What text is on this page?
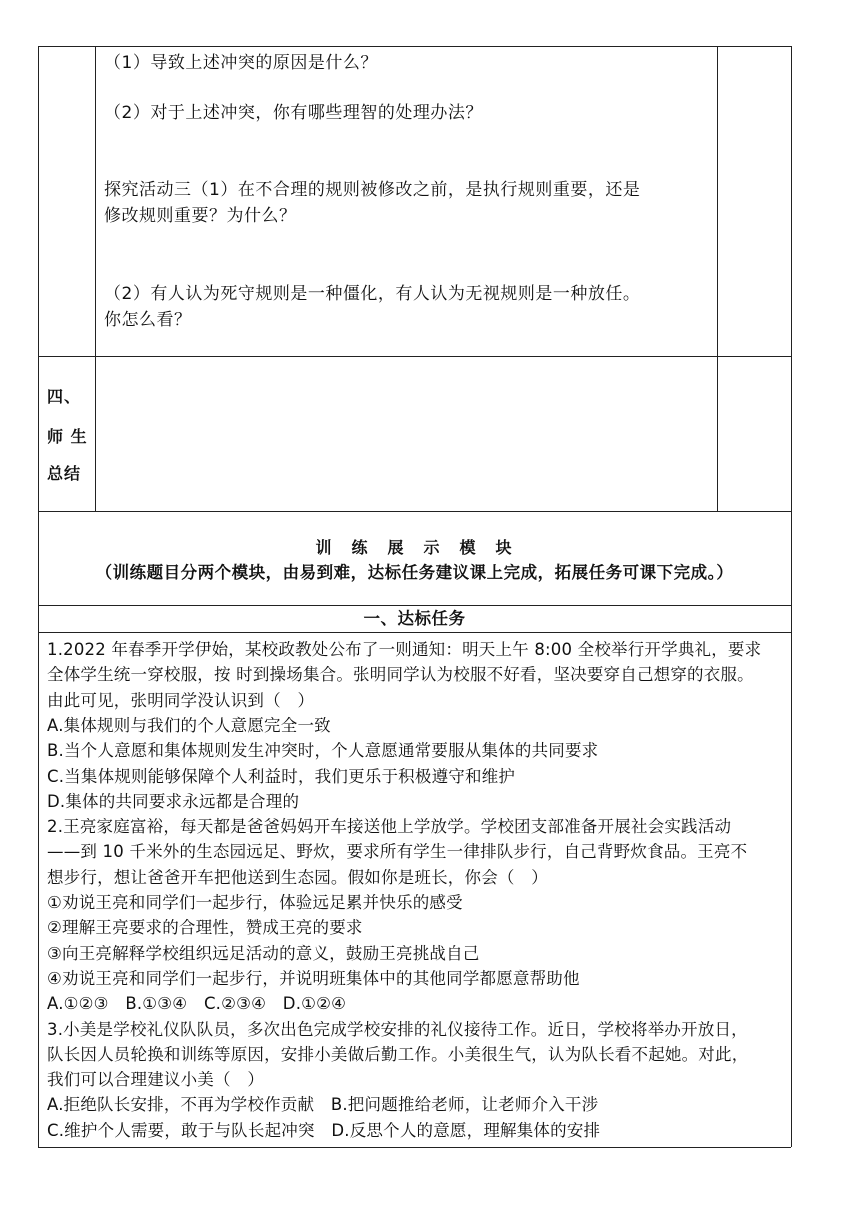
（1）导致上述冲突的原因是什么？
（2）对于上述冲突，你有哪些理智的处理办法？
探究活动三（1）在不合理的规则被修改之前，是执行规则重要，还是
修改规则重要？为什么？
（2）有人认为死守规则是一种僵化，有人认为无视规则是一种放任。
你怎么看？
四、
师 生
总结
训　练　展　示　模　块
（训练题目分两个模块，由易到难，达标任务建议课上完成，拓展任务可课下完成。）
一、达标任务
1.2022 年春季开学伊始，某校政教处公布了一则通知：明天上午 8:00 全校举行开学典礼，要求
全体学生统一穿校服，按 时到操场集合。张明同学认为校服不好看，坚决要穿自己想穿的衣服。
由此可见，张明同学没认识到（　）
A.集体规则与我们的个人意愿完全一致
B.当个人意愿和集体规则发生冲突时，个人意愿通常要服从集体的共同要求
C.当集体规则能够保障个人利益时，我们更乐于积极遵守和维护
D.集体的共同要求永远都是合理的
2.王亮家庭富裕，每天都是爸爸妈妈开车接送他上学放学。学校团支部准备开展社会实践活动
——到 10 千米外的生态园远足、野炊，要求所有学生一律排队步行，自己背野炊食品。王亮不
想步行，想让爸爸开车把他送到生态园。假如你是班长，你会（　）
①劝说王亮和同学们一起步行，体验远足累并快乐的感受
②理解王亮要求的合理性，赞成王亮的要求
③向王亮解释学校组织远足活动的意义，鼓励王亮挑战自己
④劝说王亮和同学们一起步行，并说明班集体中的其他同学都愿意帮助他
A.①②③　B.①③④　C.②③④　D.①②④
3.小美是学校礼仪队队员，多次出色完成学校安排的礼仪接待工作。近日，学校将举办开放日，
队长因人员轮换和训练等原因，安排小美做后勤工作。小美很生气，认为队长看不起她。对此，
我们可以合理建议小美（　）
A.拒绝队长安排，不再为学校作贡献　B.把问题推给老师，让老师介入干涉
C.维护个人需要，敢于与队长起冲突　D.反思个人的意愿，理解集体的安排
